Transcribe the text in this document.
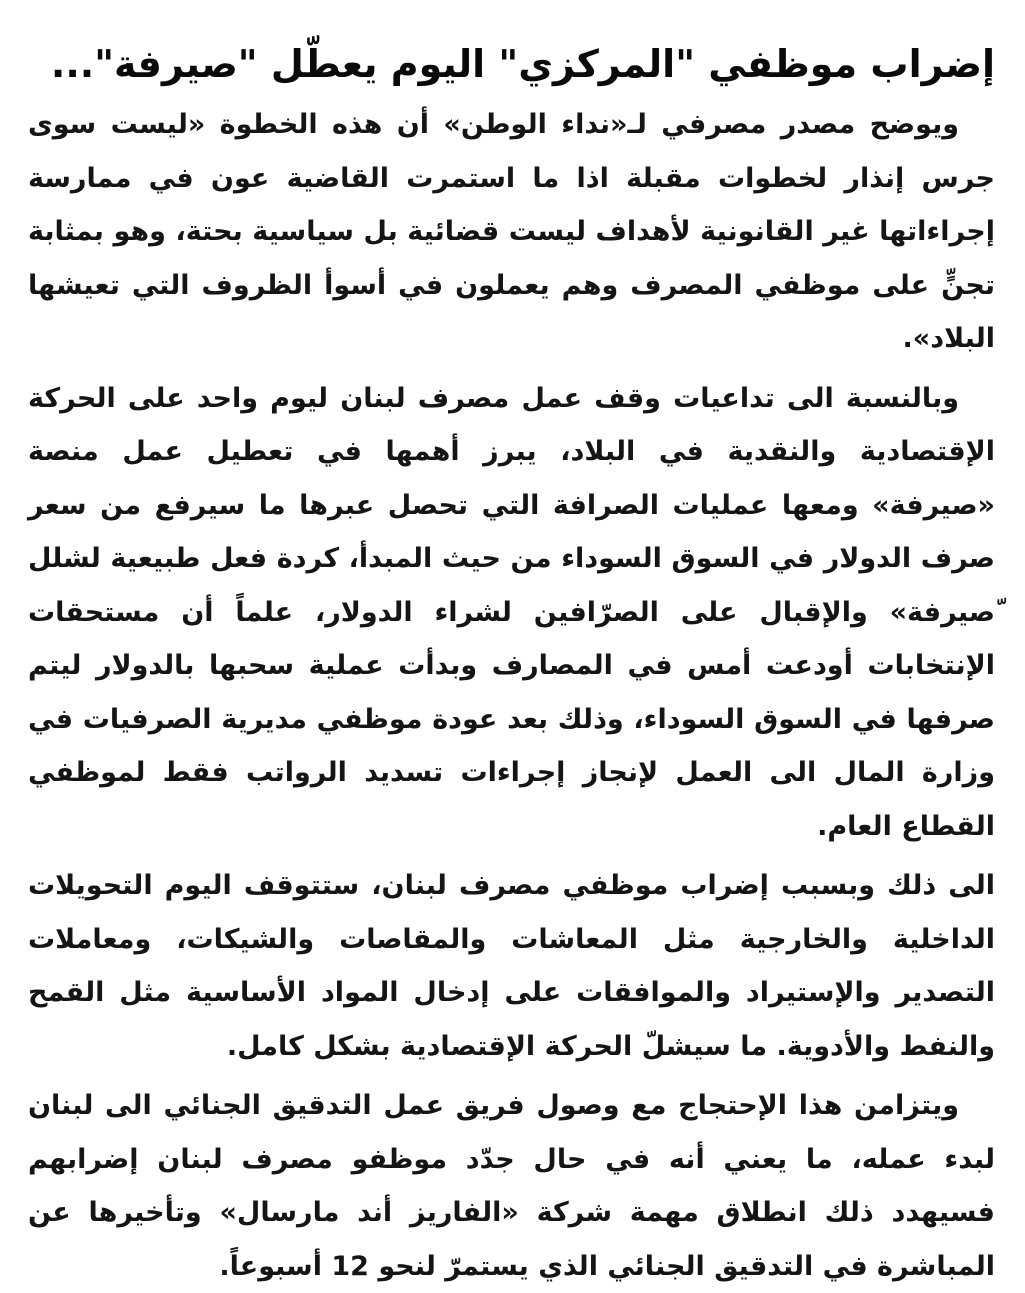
إضراب موظفي "المركزي" اليوم يعطّل "صيرفة"...

ويوضح مصدر مصرفي لـ«نداء الوطن» أن هذه الخطوة «ليست سوى جرس إنذار لخطوات مقبلة اذا ما استمرت القاضية عون في ممارسة إجراءاتها غير القانونية لأهداف ليست قضائية بل سياسية بحتة، وهو بمثابة تجنٍّ على موظفي المصرف وهم يعملون في أسوأ الظروف التي تعيشها البلاد».

وبالنسبة الى تداعيات وقف عمل مصرف لبنان ليوم واحد على الحركة الإقتصادية والنقدية في البلاد، يبرز أهمها في تعطيل عمل منصة «صيرفة» ومعها عمليات الصرافة التي تحصل عبرها ما سيرفع من سعر صرف الدولار في السوق السوداء من حيث المبدأ، كردة فعل طبيعية لشلل ّصيرفة» والإقبال على الصرّافين لشراء الدولار، علماً أن مستحقات الإنتخابات أودعت أمس في المصارف وبدأت عملية سحبها بالدولار ليتم صرفها في السوق السوداء، وذلك بعد عودة موظفي مديرية الصرفيات في وزارة المال الى العمل لإنجاز إجراءات تسديد الرواتب فقط لموظفي القطاع العام.

الى ذلك وبسبب إضراب موظفي مصرف لبنان، ستتوقف اليوم التحويلات الداخلية والخارجية مثل المعاشات والمقاصات والشيكات، ومعاملات التصدير والإستيراد والموافقات على إدخال المواد الأساسية مثل القمح والنفط والأدوية. ما سيشلّ الحركة الإقتصادية بشكل كامل.

ويتزامن هذا الإحتجاج مع وصول فريق عمل التدقيق الجنائي الى لبنان لبدء عمله، ما يعني أنه في حال جدّد موظفو مصرف لبنان إضرابهم فسيهدد ذلك انطلاق مهمة شركة «الفاريز أند مارسال» وتأخيرها عن المباشرة في التدقيق الجنائي الذي يستمرّ لنحو 12 أسبوعاً.
